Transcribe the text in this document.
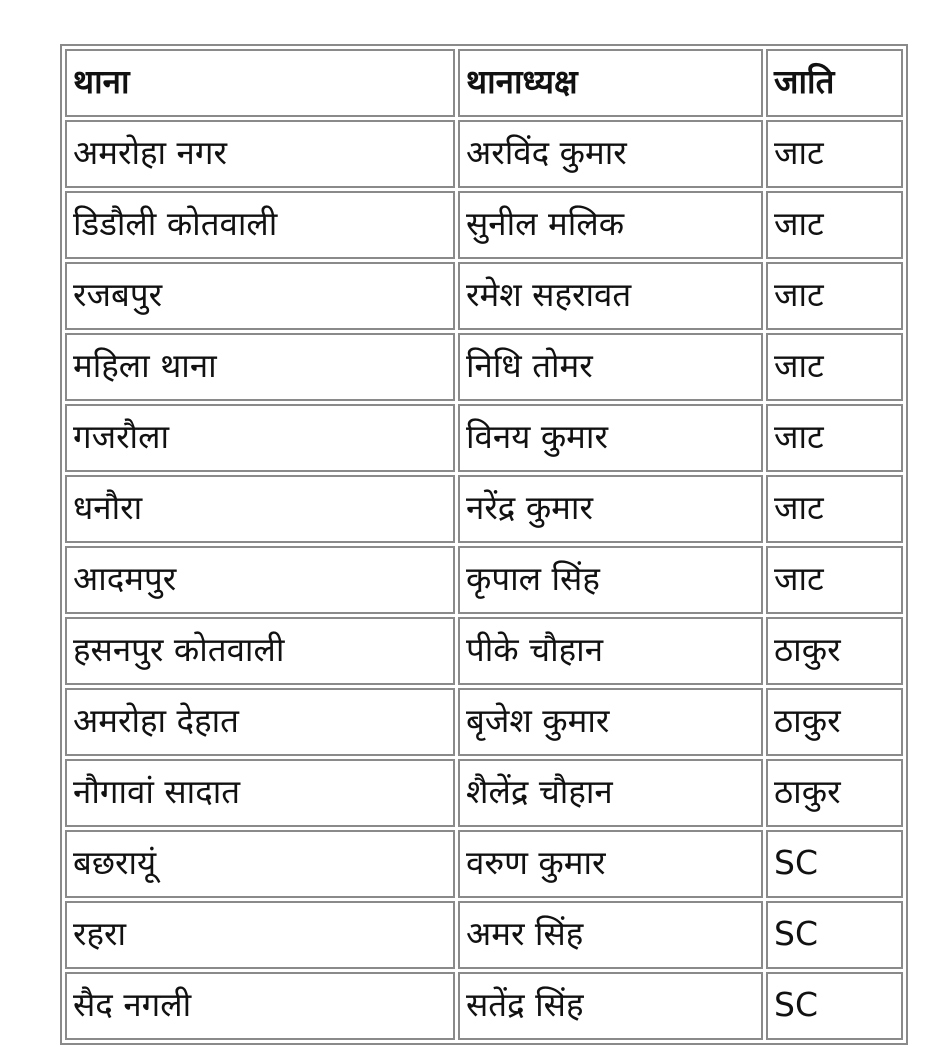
थाना	थानाध्यक्ष	जाति
अमरोहा नगर	अरविंद कुमार	जाट
डिडौली कोतवाली	सुनील मलिक	जाट
रजबपुर	रमेश सहरावत	जाट
महिला थाना	निधि तोमर	जाट
गजरौला	विनय कुमार	जाट
धनौरा	नरेंद्र कुमार	जाट
आदमपुर	कृपाल सिंह	जाट
हसनपुर कोतवाली	पीके चौहान	ठाकुर
अमरोहा देहात	बृजेश कुमार	ठाकुर
नौगावां सादात	शैलेंद्र चौहान	ठाकुर
बछरायूं	वरुण कुमार	SC
रहरा	अमर सिंह	SC
सैद नगली	सतेंद्र सिंह	SC
